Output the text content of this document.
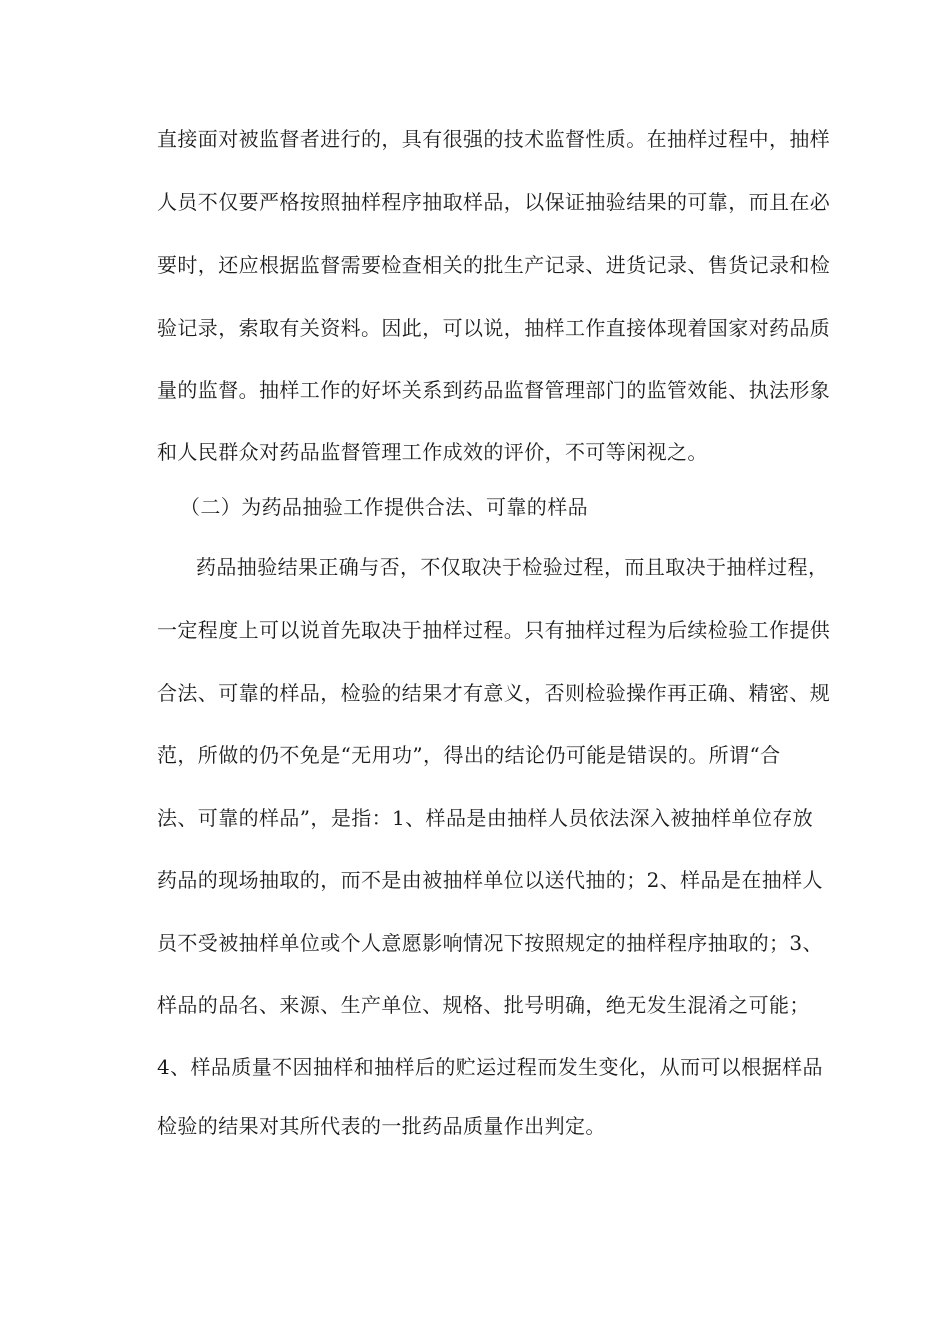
直接面对被监督者进行的，具有很强的技术监督性质。在抽样过程中，抽样
人员不仅要严格按照抽样程序抽取样品，以保证抽验结果的可靠，而且在必
要时，还应根据监督需要检查相关的批生产记录、进货记录、售货记录和检
验记录，索取有关资料。因此，可以说，抽样工作直接体现着国家对药品质
量的监督。抽样工作的好坏关系到药品监督管理部门的监管效能、执法形象
和人民群众对药品监督管理工作成效的评价，不可等闲视之。
（二）为药品抽验工作提供合法、可靠的样品
药品抽验结果正确与否，不仅取决于检验过程，而且取决于抽样过程，
一定程度上可以说首先取决于抽样过程。只有抽样过程为后续检验工作提供
合法、可靠的样品，检验的结果才有意义，否则检验操作再正确、精密、规
范，所做的仍不免是“无用功”，得出的结论仍可能是错误的。所谓“合
法、可靠的样品”，是指：1、样品是由抽样人员依法深入被抽样单位存放
药品的现场抽取的，而不是由被抽样单位以送代抽的；2、样品是在抽样人
员不受被抽样单位或个人意愿影响情况下按照规定的抽样程序抽取的；3、
样品的品名、来源、生产单位、规格、批号明确，绝无发生混淆之可能；
4、样品质量不因抽样和抽样后的贮运过程而发生变化，从而可以根据样品
检验的结果对其所代表的一批药品质量作出判定。
